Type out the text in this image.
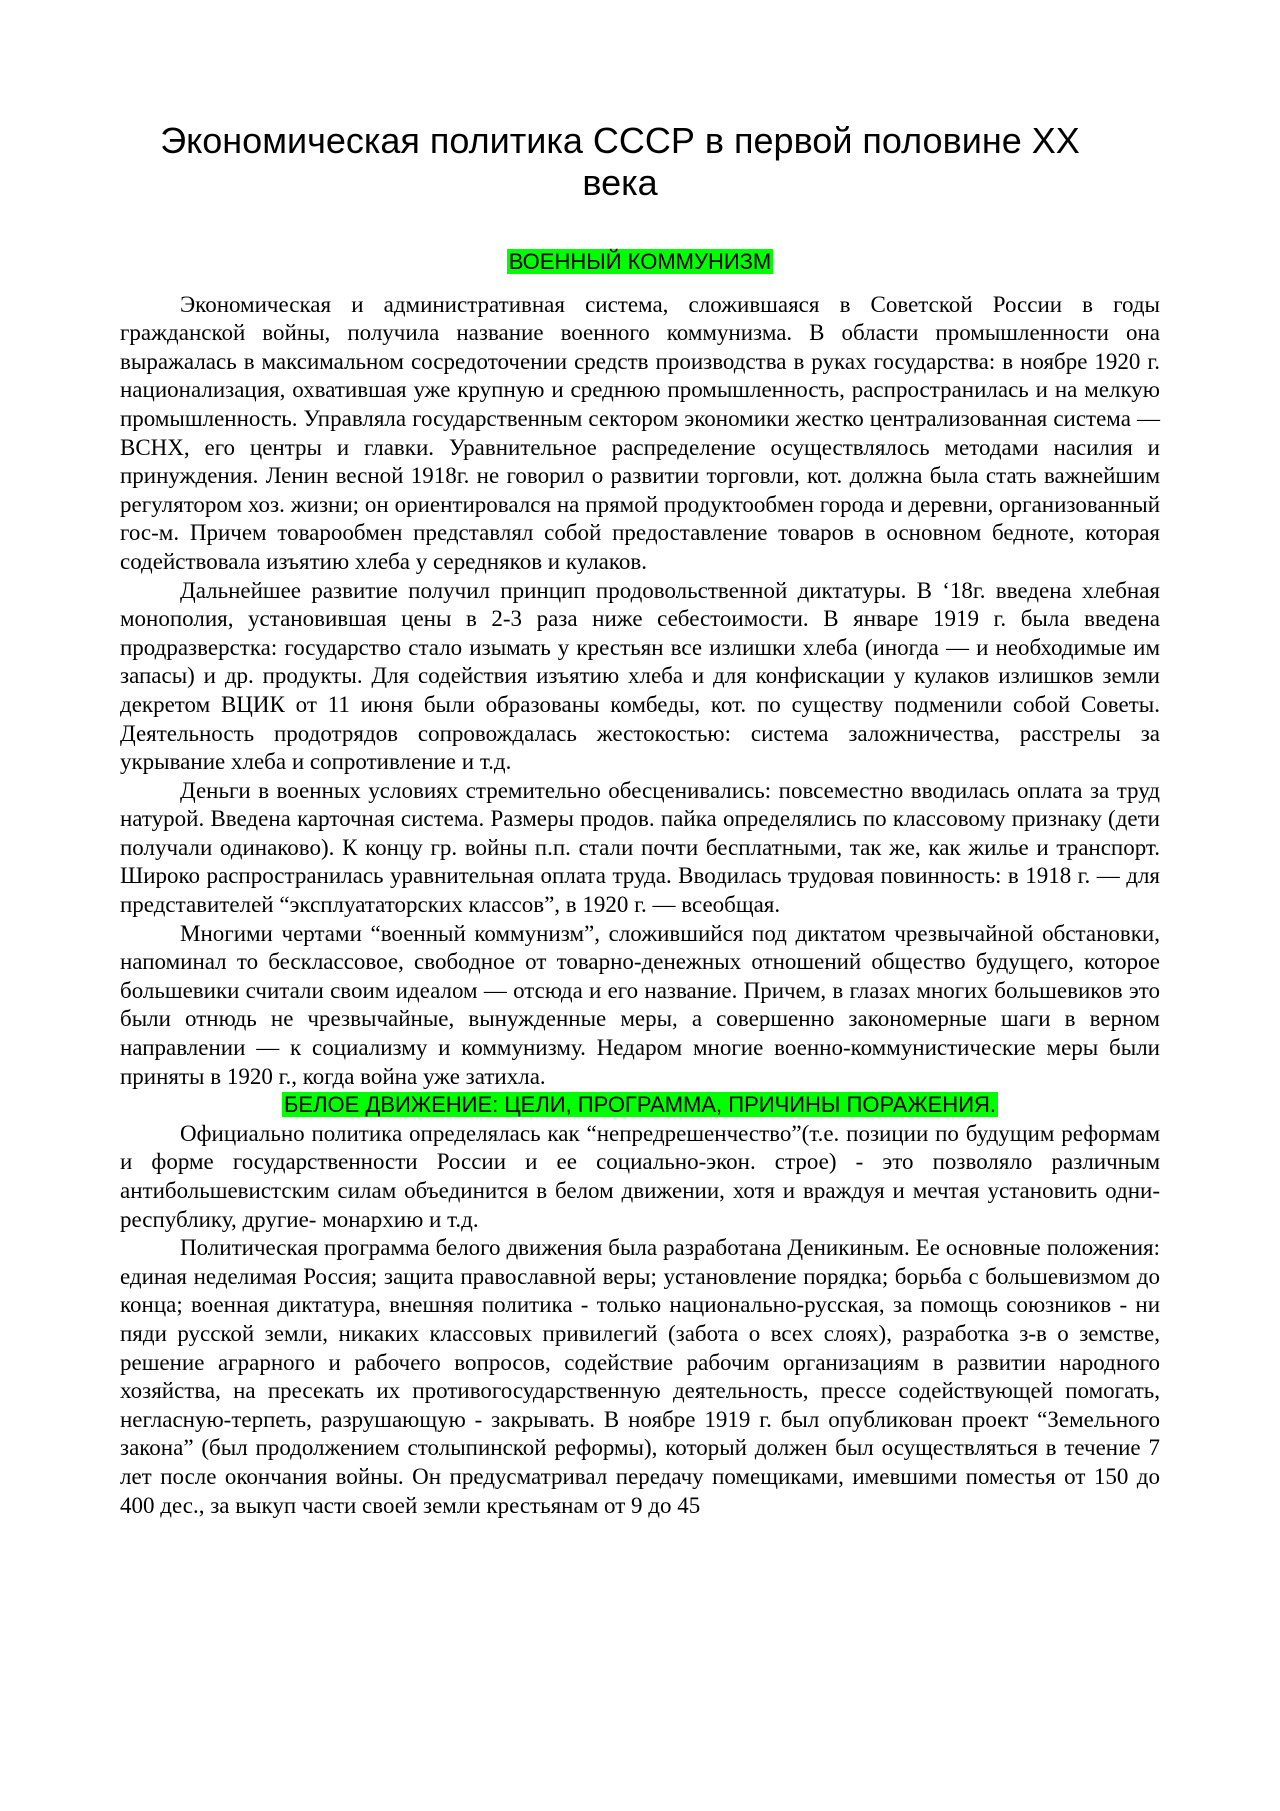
Экономическая политика СССР в первой половине XX века
ВОЕННЫЙ КОММУНИЗМ

Экономическая и административная система, сложившаяся в Советской России в годы гражданской войны, получила название военного коммунизма. В области промышленности она выражалась в максимальном сосредоточении средств производства в руках государства: в ноябре 1920 г. национализация, охватившая уже крупную и среднюю промышленность, распространилась и на мелкую промышленность. Управляла государственным сектором экономики жестко централизованная система — ВСНХ, его центры и главки. Уравнительное распределение осуществлялось методами насилия и принуждения. Ленин весной 1918г. не говорил о развитии торговли, кот. должна была стать важнейшим регулятором хоз. жизни; он ориентировался на прямой продуктообмен города и деревни, организованный гос-м. Причем товарообмен представлял собой предоставление товаров в основном бедноте, которая содействовала изъятию хлеба у середняков и кулаков.

Дальнейшее развитие получил принцип продовольственной диктатуры. В ‘18г. введена хлебная монополия, установившая цены в 2-3 раза ниже себестоимости. В январе 1919 г. была введена продразверстка: государство стало изымать у крестьян все излишки хлеба (иногда — и необходимые им запасы) и др. продукты. Для содействия изъятию хлеба и для конфискации у кулаков излишков земли декретом ВЦИК от 11 июня были образованы комбеды, кот. по существу подменили собой Советы. Деятельность продотрядов сопровождалась жестокостью: система заложничества, расстрелы за укрывание хлеба и сопротивление и т.д.

Деньги в военных условиях стремительно обесценивались: повсеместно вводилась оплата за труд натурой. Введена карточная система. Размеры продов. пайка определялись по классовому признаку (дети получали одинаково). К концу гр. войны п.п. стали почти бесплатными, так же, как жилье и транспорт. Широко распространилась уравнительная оплата труда. Вводилась трудовая повинность: в 1918 г. — для представителей “эксплуататорских классов”, в 1920 г. — всеобщая.

Многими чертами “военный коммунизм”, сложившийся под диктатом чрезвычайной обстановки, напоминал то бесклассовое, свободное от товарно-денежных отношений общество будущего, которое большевики считали своим идеалом — отсюда и его название. Причем, в глазах многих большевиков это были отнюдь не чрезвычайные, вынужденные меры, а совершенно закономерные шаги в верном направлении — к социализму и коммунизму. Недаром многие военно-коммунистические меры были приняты в 1920 г., когда война уже затихла.

БЕЛОЕ ДВИЖЕНИЕ: ЦЕЛИ, ПРОГРАММА, ПРИЧИНЫ ПОРАЖЕНИЯ.

Официально политика определялась как “непредрешенчество”(т.е. позиции по будущим реформам и форме государственности России и ее социально-экон. строе) - это позволяло различным антибольшевистским силам объединится в белом движении, хотя и враждуя и мечтая установить одни- республику, другие- монархию и т.д.

Политическая программа белого движения была разработана Деникиным. Ее основные положения: единая неделимая Россия; защита православной веры; установление порядка; борьба с большевизмом до конца; военная диктатура, внешняя политика - только национально-русская, за помощь союзников - ни пяди русской земли, никаких классовых привилегий (забота о всех слоях), разработка з-в о земстве, решение аграрного и рабочего вопросов, содействие рабочим организациям в развитии народного хозяйства, на пресекать их противогосударственную деятельность, прессе содействующей помогать, негласную-терпеть, разрушающую - закрывать. В ноябре 1919 г. был опубликован проект “Земельного закона” (был продолжением столыпинской реформы), который должен был осуществляться в течение 7 лет после окончания войны. Он предусматривал передачу помещиками, имевшими поместья от 150 до 400 дес., за выкуп части своей земли крестьянам от 9 до 45
